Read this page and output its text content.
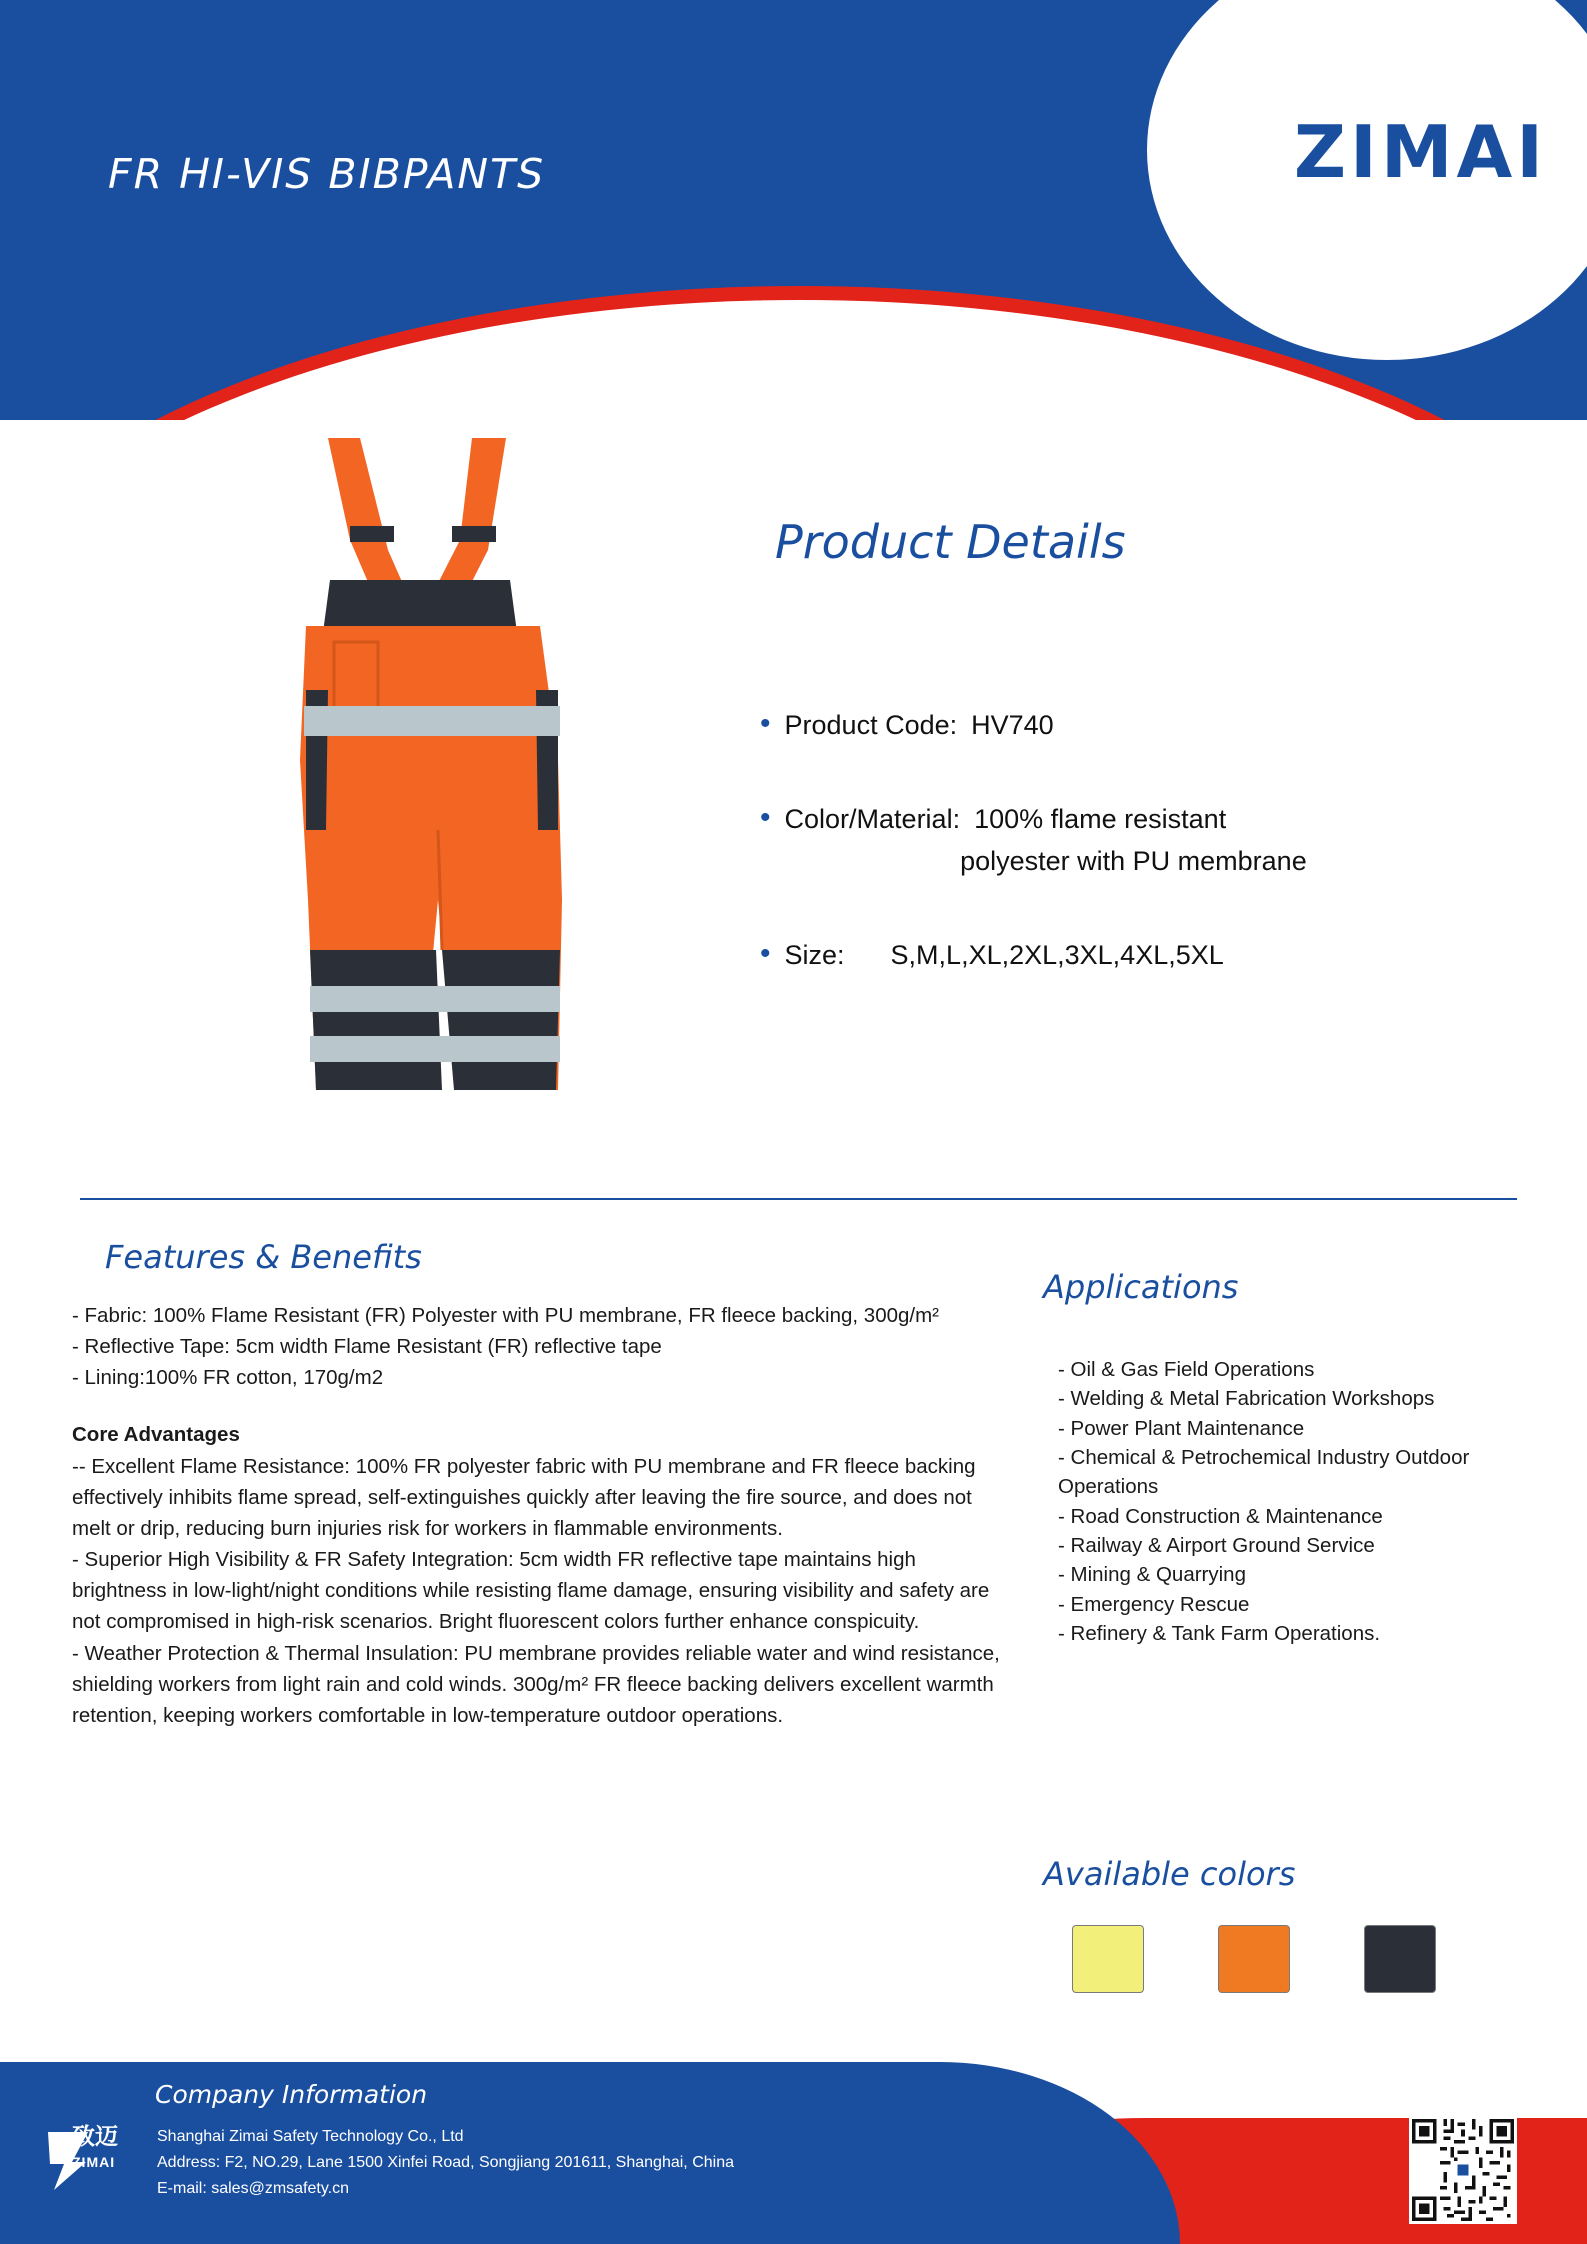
FR HI-VIS BIBPANTS	ZIMAI
Product Details
• Product Code: HV740
• Color/Material: 100% flame resistant
polyester with PU membrane
• Size: S,M,L,XL,2XL,3XL,4XL,5XL
Features & Benefits

- Fabric: 100% Flame Resistant (FR) Polyester with PU membrane, FR fleece backing, 300g/m²

- Reflective Tape: 5cm width Flame Resistant (FR) reflective tape

- Lining:100% FR cotton, 170g/m2

Core Advantages

-- Excellent Flame Resistance: 100% FR polyester fabric with PU membrane and FR fleece backing effectively inhibits flame spread, self-extinguishes quickly after leaving the fire source, and does not melt or drip, reducing burn injuries risk for workers in flammable environments.

- Superior High Visibility & FR Safety Integration: 5cm width FR reflective tape maintains high brightness in low-light/night conditions while resisting flame damage, ensuring visibility and safety are not compromised in high-risk scenarios. Bright fluorescent colors further enhance conspicuity.

- Weather Protection & Thermal Insulation: PU membrane provides reliable water and wind resistance, shielding workers from light rain and cold winds. 300g/m² FR fleece backing delivers excellent warmth retention, keeping workers comfortable in low-temperature outdoor operations.

Applications
- Oil & Gas Field Operations
- Welding & Metal Fabrication Workshops
- Power Plant Maintenance
- Chemical & Petrochemical Industry Outdoor Operations
- Road Construction & Maintenance
- Railway & Airport Ground Service
- Mining & Quarrying
- Emergency Rescue
- Refinery & Tank Farm Operations.
Available colors
致迈
ZIMAI
Company Information
Shanghai Zimai Safety Technology Co., Ltd
Address: F2, NO.29, Lane 1500 Xinfei Road, Songjiang 201611, Shanghai, China
E-mail: sales@zmsafety.cn
